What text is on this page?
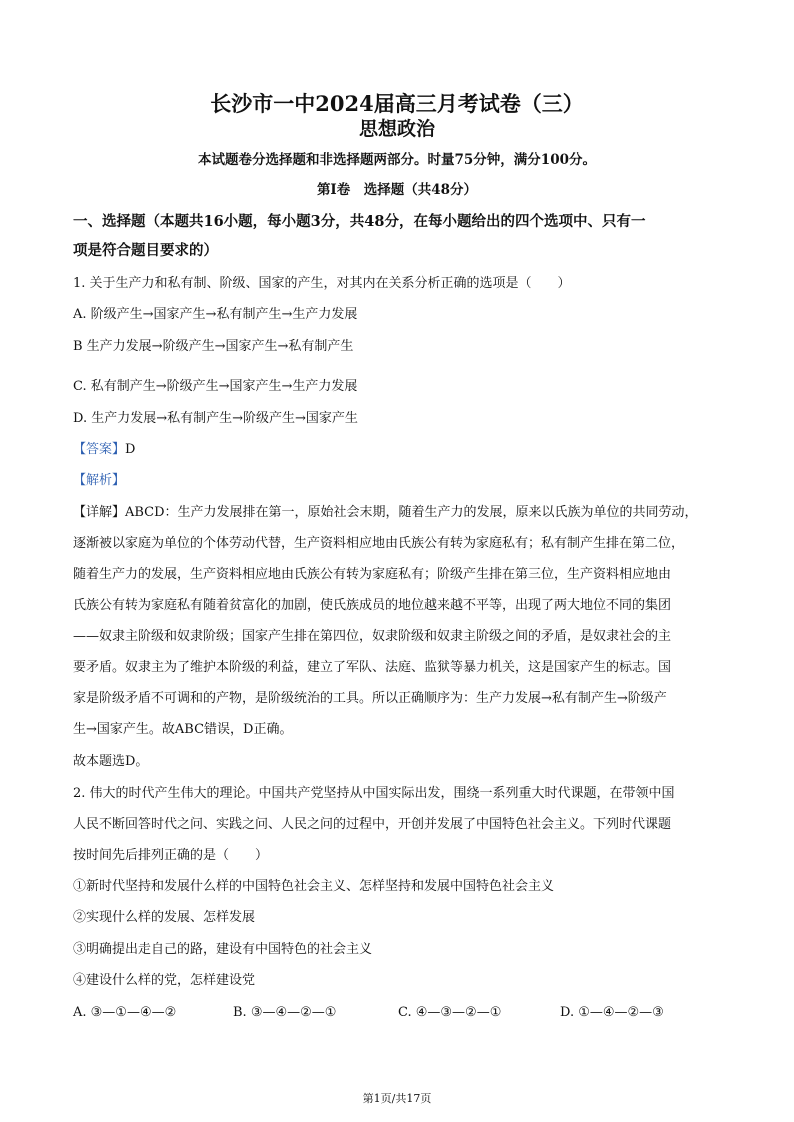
长沙市一中2024届高三月考试卷（三）
思想政治
本试题卷分选择题和非选择题两部分。时量75分钟，满分100分。
第Ⅰ卷　选择题（共48分）
一、选择题（本题共16小题，每小题3分，共48分，在每小题给出的四个选项中、只有一
项是符合题目要求的）
1. 关于生产力和私有制、阶级、国家的产生，对其内在关系分析正确的选项是（　　）
A. 阶级产生→国家产生→私有制产生→生产力发展
B 生产力发展→阶级产生→国家产生→私有制产生
C. 私有制产生→阶级产生→国家产生→生产力发展
D. 生产力发展→私有制产生→阶级产生→国家产生
【答案】D
【解析】
【详解】ABCD：生产力发展排在第一，原始社会末期，随着生产力的发展，原来以氏族为单位的共同劳动，
逐渐被以家庭为单位的个体劳动代替，生产资料相应地由氏族公有转为家庭私有；私有制产生排在第二位，
随着生产力的发展，生产资料相应地由氏族公有转为家庭私有；阶级产生排在第三位，生产资料相应地由
氏族公有转为家庭私有随着贫富化的加剧，使氏族成员的地位越来越不平等，出现了两大地位不同的集团
——奴隶主阶级和奴隶阶级；国家产生排在第四位，奴隶阶级和奴隶主阶级之间的矛盾，是奴隶社会的主
要矛盾。奴隶主为了维护本阶级的利益，建立了军队、法庭、监狱等暴力机关，这是国家产生的标志。国
家是阶级矛盾不可调和的产物，是阶级统治的工具。所以正确顺序为：生产力发展→私有制产生→阶级产
生→国家产生。故ABC错误，D正确。
故本题选D。
2. 伟大的时代产生伟大的理论。中国共产党坚持从中国实际出发，围绕一系列重大时代课题，在带领中国
人民不断回答时代之问、实践之问、人民之问的过程中，开创并发展了中国特色社会主义。下列时代课题
按时间先后排列正确的是（　　）
①新时代坚持和发展什么样的中国特色社会主义、怎样坚持和发展中国特色社会主义
②实现什么样的发展、怎样发展
③明确提出走自己的路，建设有中国特色的社会主义
④建设什么样的党，怎样建设党
A. ③—①—④—②	B. ③—④—②—①	C. ④—③—②—①	D. ①—④—②—③
第1页/共17页
